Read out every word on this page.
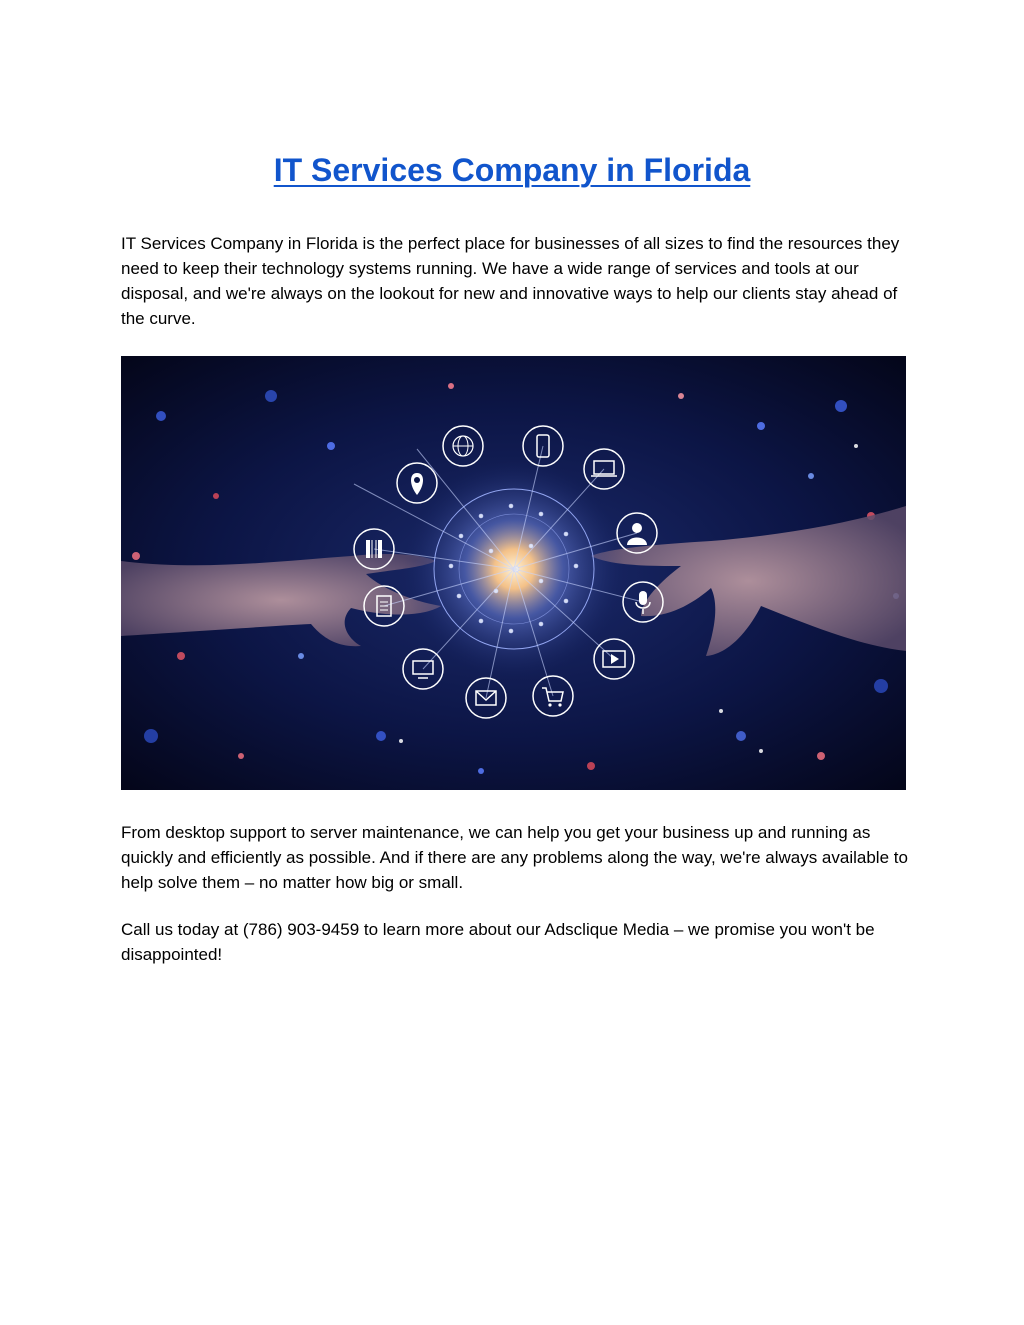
IT Services Company in Florida

IT Services Company in Florida is the perfect place for businesses of all sizes to find the resources they need to keep their technology systems running. We have a wide range of services and tools at our disposal, and we're always on the lookout for new and innovative ways to help our clients stay ahead of the curve.

From desktop support to server maintenance, we can help you get your business up and running as quickly and efficiently as possible. And if there are any problems along the way, we're always available to help solve them – no matter how big or small.

Call us today at (786) 903-9459 to learn more about our Adsclique Media – we promise you won't be disappointed!
